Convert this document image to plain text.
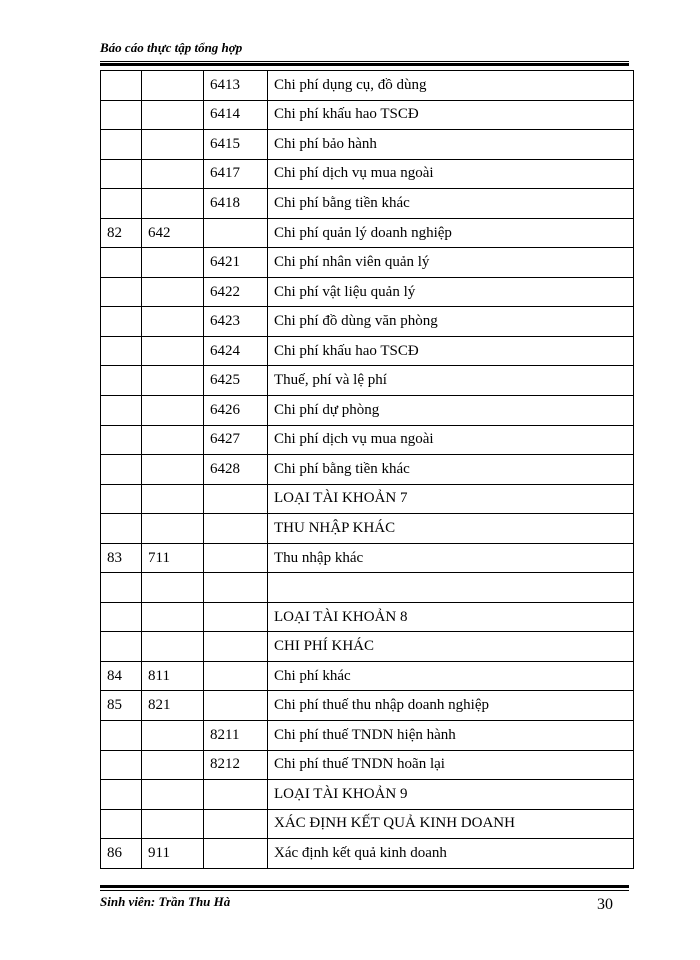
Báo cáo thực tập tổng hợp
		6413	Chi phí dụng cụ, đồ dùng
		6414	Chi phí khấu hao TSCĐ
		6415	Chi phí bảo hành
		6417	Chi phí dịch vụ mua ngoài
		6418	Chi phí bằng tiền khác
82	642		Chi phí quản lý doanh nghiệp
		6421	Chi phí nhân viên quản lý
		6422	Chi phí vật liệu quản lý
		6423	Chi phí đồ dùng văn phòng
		6424	Chi phí khấu hao TSCĐ
		6425	Thuế, phí và lệ phí
		6426	Chi phí dự phòng
		6427	Chi phí dịch vụ mua ngoài
		6428	Chi phí bằng tiền khác
			LOẠI TÀI KHOẢN 7
			THU NHẬP KHÁC
83	711		Thu nhập khác

			LOẠI TÀI KHOẢN 8
			CHI PHÍ KHÁC
84	811		Chi phí khác
85	821		Chi phí thuế thu nhập doanh nghiệp
		8211	Chi phí thuế TNDN hiện hành
		8212	Chi phí thuế TNDN hoãn lại
			LOẠI TÀI KHOẢN 9
			XÁC ĐỊNH KẾT QUẢ KINH DOANH
86	911		Xác định kết quả kinh doanh
Sinh viên: Trần Thu Hà	30
